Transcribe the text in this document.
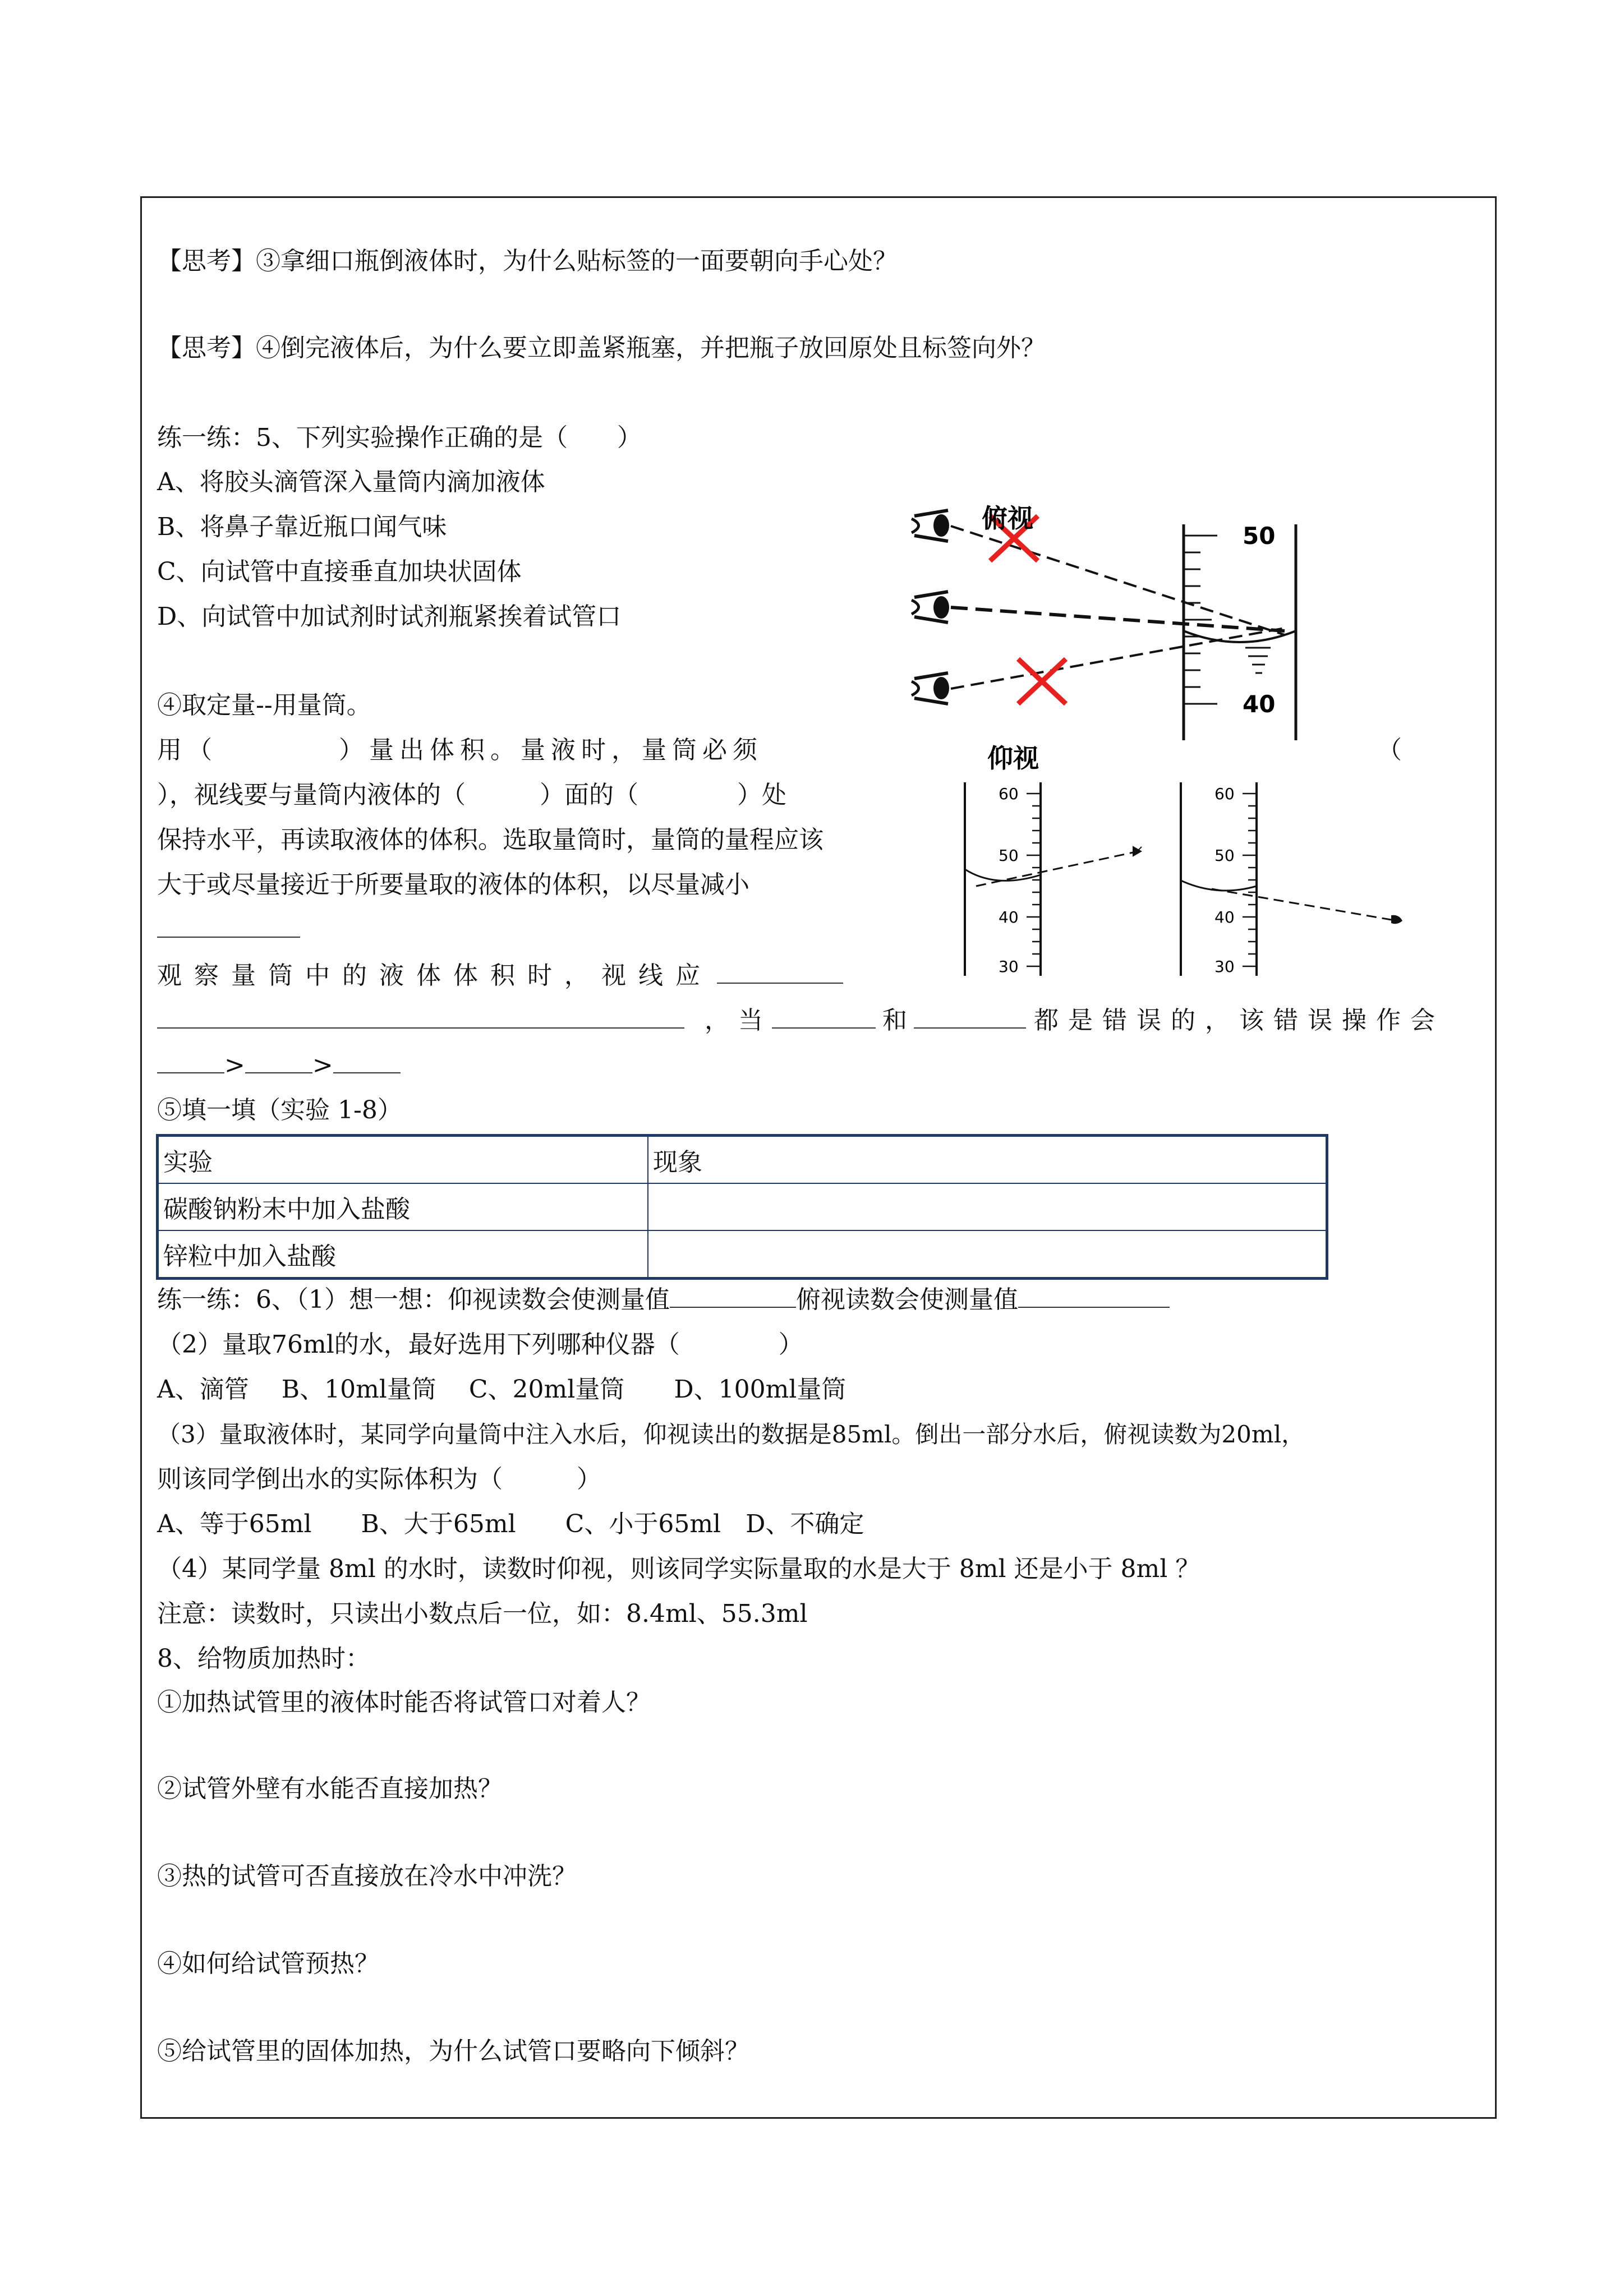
【思考】③拿细口瓶倒液体时，为什么贴标签的一面要朝向手心处？
【思考】④倒完液体后，为什么要立即盖紧瓶塞，并把瓶子放回原处且标签向外？
练一练：5、下列实验操作正确的是（　　）
A、将胶头滴管深入量筒内滴加液体
B、将鼻子靠近瓶口闻气味
C、向试管中直接垂直加块状固体
D、向试管中加试剂时试剂瓶紧挨着试管口
④取定量--用量筒。
用（　　　　）量出体积。量液时，量筒必须	（
），视线要与量筒内液体的（　　　）面的（　　　　）处
保持水平，再读取液体的体积。选取量筒时，量筒的量程应该
大于或尽量接近于所要量取的液体的体积，以尽量减小
观察量筒中的液体体积时，视线应
，当	和	都是错误的，该错误操作会
>	>
50
40
俯视
仰视
60
50
40
30
60
50
40
30
⑤填一填（实验 1-8）
实验	现象
碳酸钠粉末中加入盐酸	
锌粒中加入盐酸	
练一练：6、（1）想一想：仰视读数会使测量值	俯视读数会使测量值
（2）量取76ml的水，最好选用下列哪种仪器（　　　　）
A、滴管　 B、10ml量筒　 C、20ml量筒　　D、100ml量筒
（3）量取液体时，某同学向量筒中注入水后，仰视读出的数据是85ml。倒出一部分水后，俯视读数为20ml，
则该同学倒出水的实际体积为（　　　）
A、等于65ml　　B、大于65ml　　C、小于65ml　D、不确定
（4）某同学量 8ml 的水时，读数时仰视，则该同学实际量取的水是大于 8ml 还是小于 8ml ？
注意：读数时，只读出小数点后一位，如：8.4ml、55.3ml
8、给物质加热时：
①加热试管里的液体时能否将试管口对着人？
②试管外壁有水能否直接加热？
③热的试管可否直接放在冷水中冲洗？
④如何给试管预热？
⑤给试管里的固体加热，为什么试管口要略向下倾斜？
